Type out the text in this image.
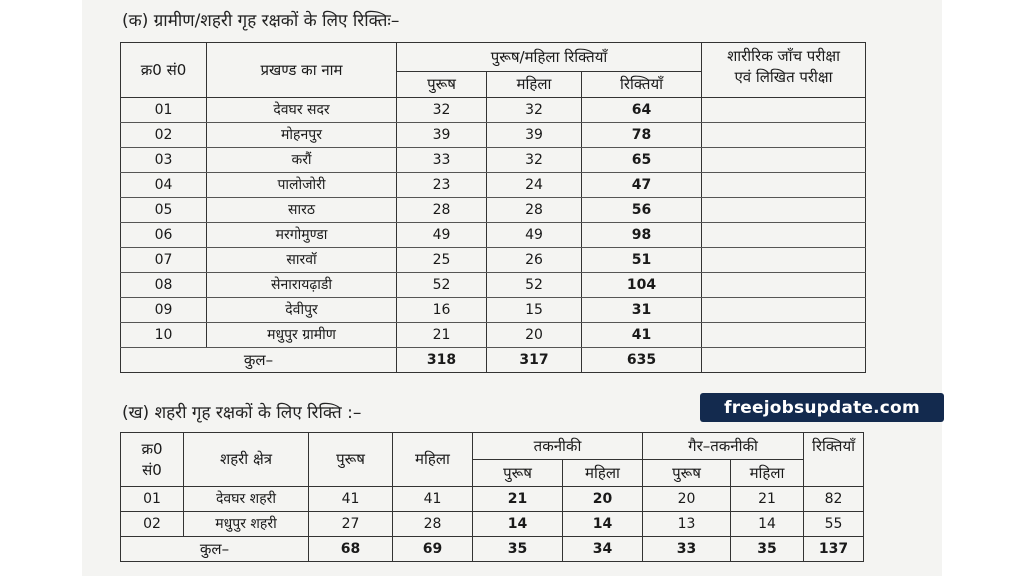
(क) ग्रामीण/शहरी गृह रक्षकों के लिए रिक्तिः–
क्र0 सं0	प्रखण्ड का नाम	पुरूष/महिला रिक्तियाँ			शारीरिक जाँच परीक्षा
एवं लिखित परीक्षा

		पुरूष	महिला	रिक्तियाँ	
01	देवघर सदर	32	32	64	
02	मोहनपुर	39	39	78	
03	करौं	33	32	65	
04	पालोजोरी	23	24	47	
05	सारठ	28	28	56	
06	मरगोमुण्डा	49	49	98	
07	सारवॉ	25	26	51	
08	सेनारायढ़ाडी	52	52	104	
09	देवीपुर	16	15	31	
10	मधुपुर ग्रामीण	21	20	41	
कुल–		318	317	635	
(ख) शहरी गृह रक्षकों के लिए रिक्ति :–
क्र0
सं0	शहरी क्षेत्र	पुरूष	महिला	तकनीकी		गैर–तकनीकी		रिक्तियाँ
				पुरूष	महिला	पुरूष	महिला	
01	देवघर शहरी	41	41	21	20	20	21	82
02	मधुपुर शहरी	27	28	14	14	13	14	55
कुल–		68	69	35	34	33	35	137
freejobsupdate.com
